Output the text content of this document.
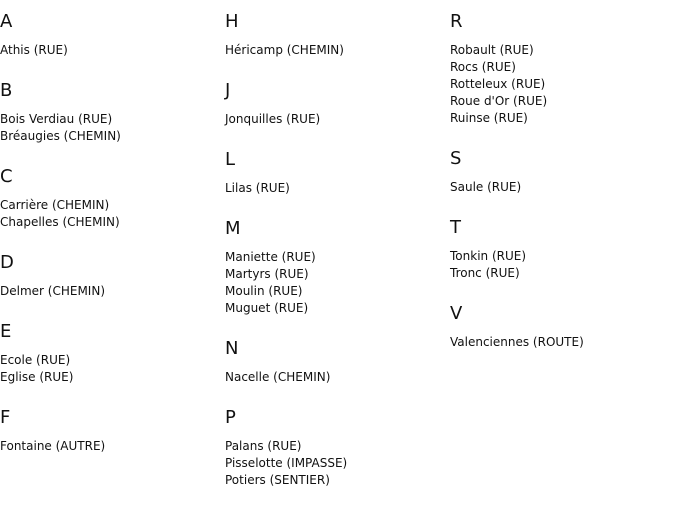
A
Athis (RUE)
B
Bois Verdiau (RUE)
Bréaugies (CHEMIN)
C
Carrière (CHEMIN)
Chapelles (CHEMIN)
D
Delmer (CHEMIN)
E
Ecole (RUE)
Eglise (RUE)
F
Fontaine (AUTRE)
H
Héricamp (CHEMIN)
J
Jonquilles (RUE)
L
Lilas (RUE)
M
Maniette (RUE)
Martyrs (RUE)
Moulin (RUE)
Muguet (RUE)
N
Nacelle (CHEMIN)
P
Palans (RUE)
Pisselotte (IMPASSE)
Potiers (SENTIER)
R
Robault (RUE)
Rocs (RUE)
Rotteleux (RUE)
Roue d'Or (RUE)
Ruinse (RUE)
S
Saule (RUE)
T
Tonkin (RUE)
Tronc (RUE)
V
Valenciennes (ROUTE)
